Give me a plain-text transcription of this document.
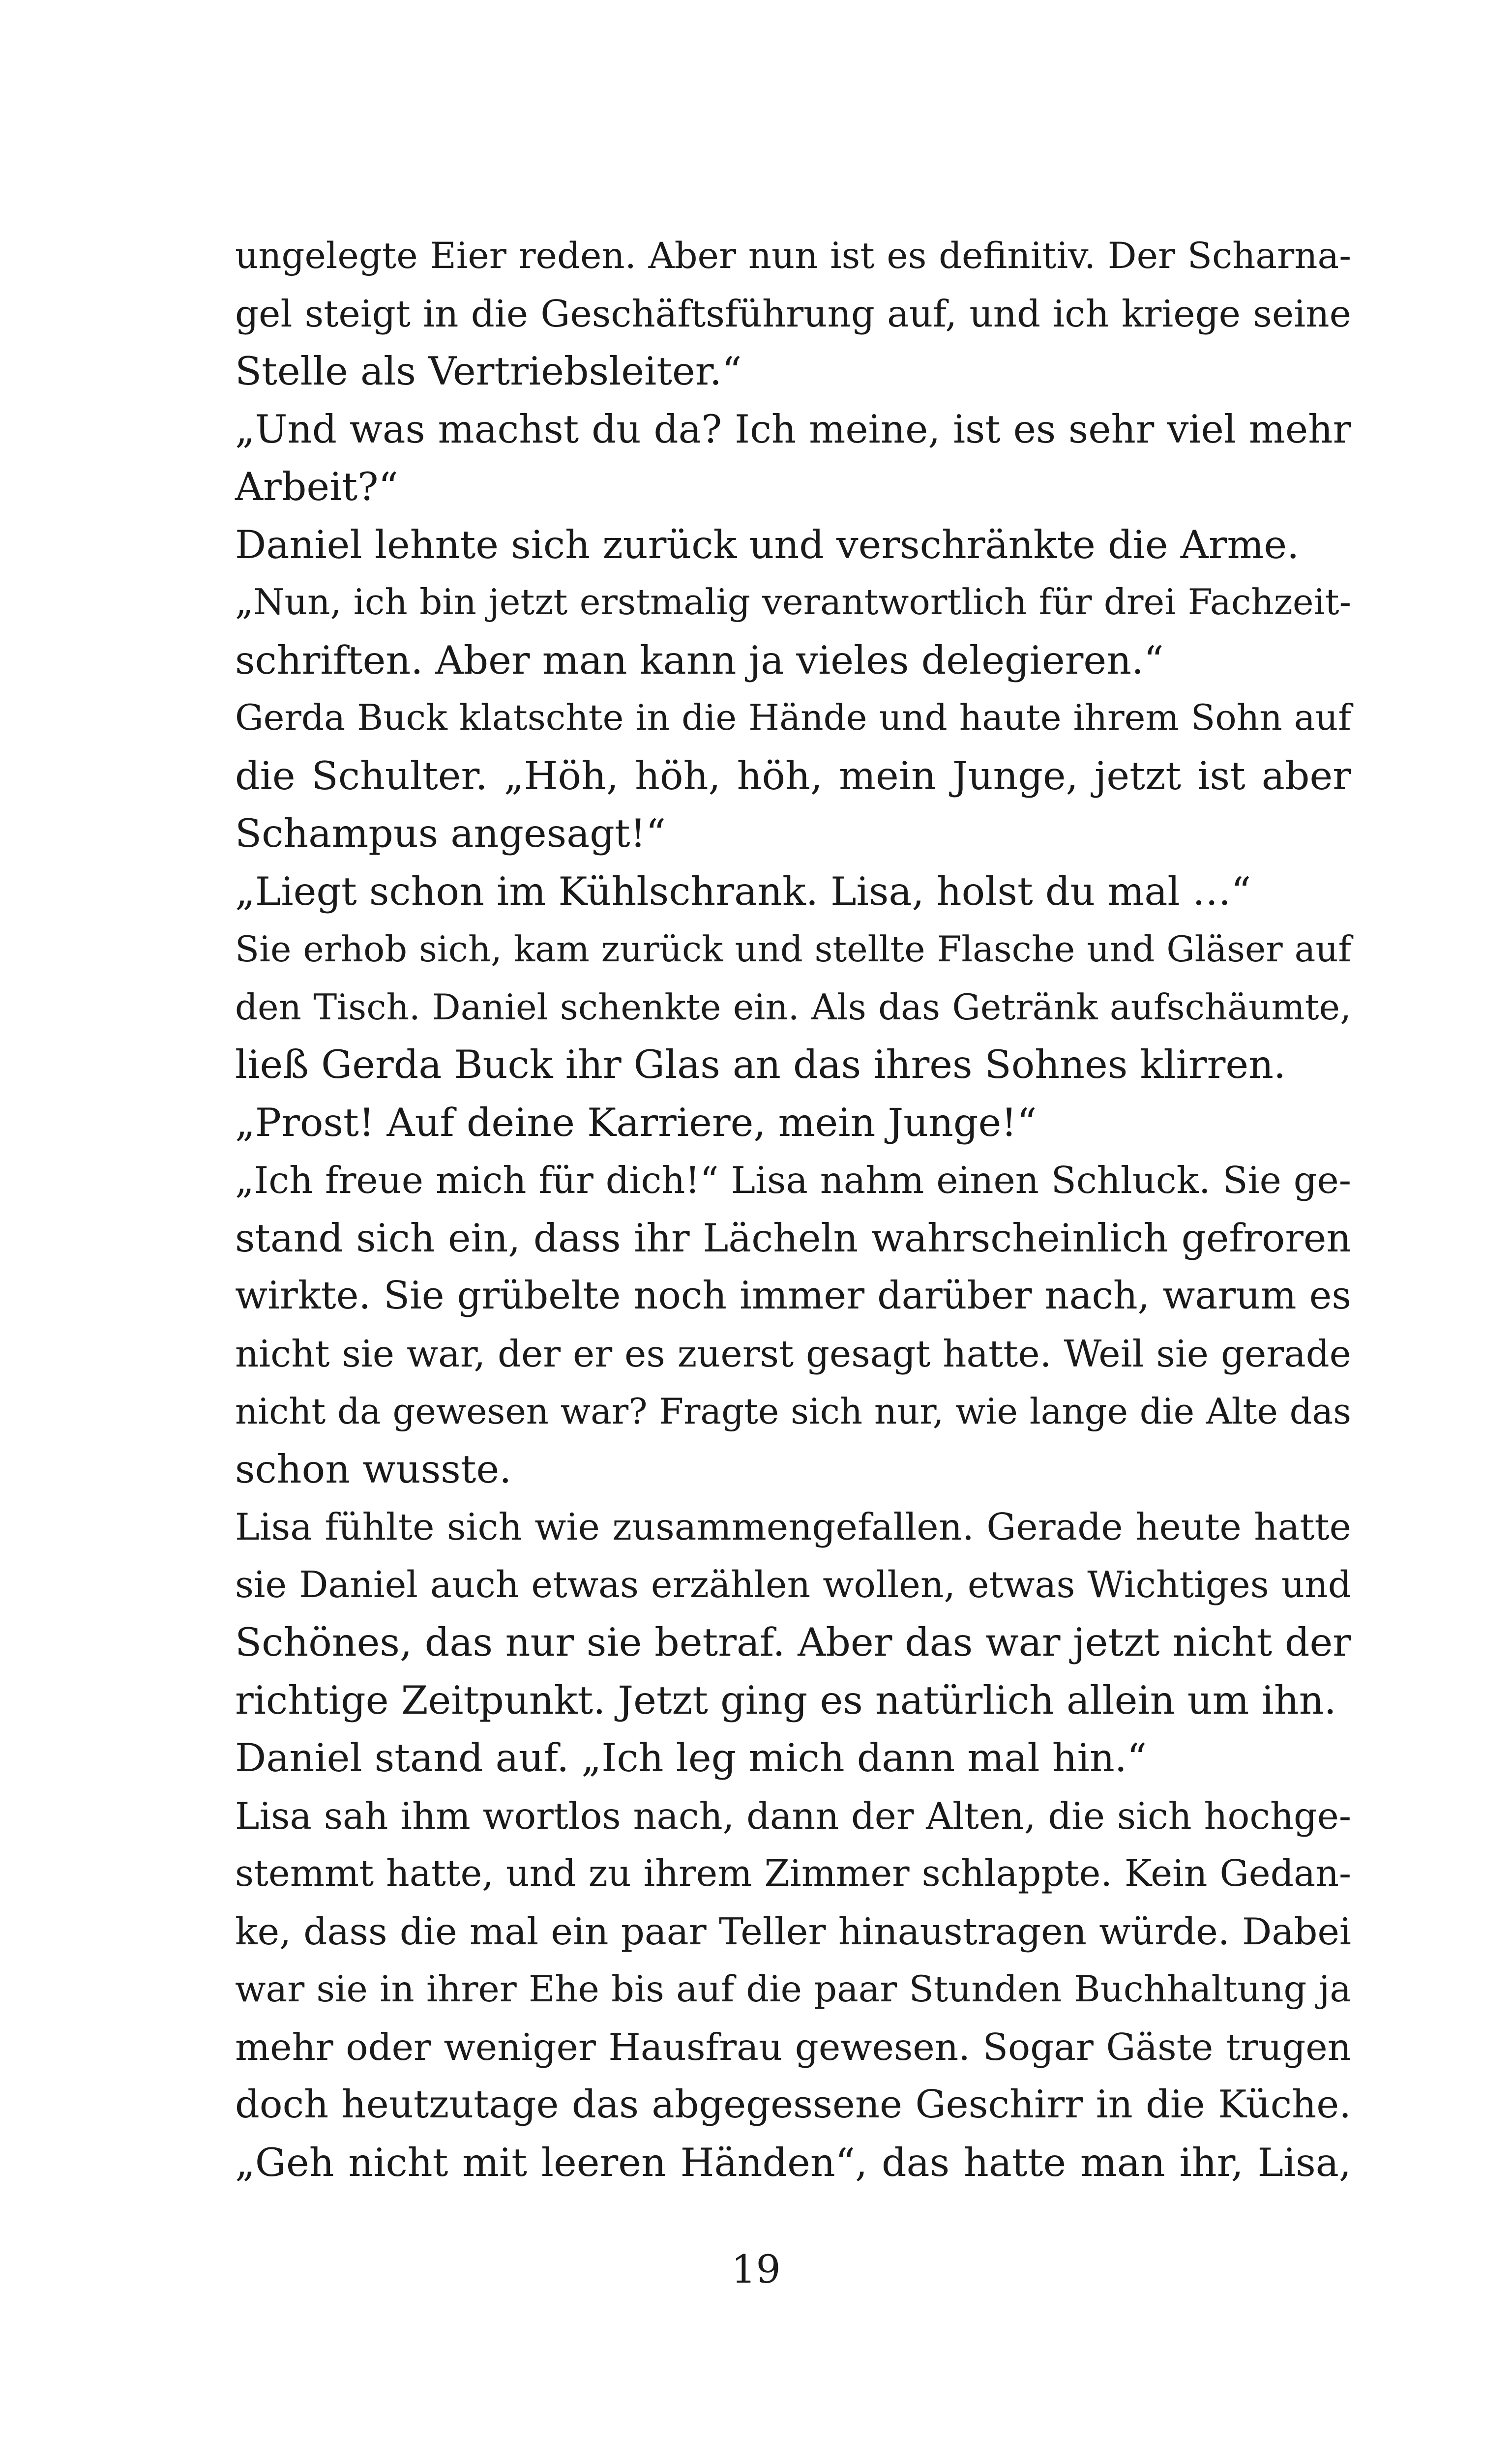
ungelegte Eier reden. Aber nun ist es definitiv. Der Scharna-
gel steigt in die Geschäftsführung auf, und ich kriege seine
Stelle als Vertriebsleiter.“
„Und was machst du da? Ich meine, ist es sehr viel mehr
Arbeit?“
Daniel lehnte sich zurück und verschränkte die Arme.
„Nun, ich bin jetzt erstmalig verantwortlich für drei Fachzeit-
schriften. Aber man kann ja vieles delegieren.“
Gerda Buck klatschte in die Hände und haute ihrem Sohn auf
die Schulter. „Höh, höh, höh, mein Junge, jetzt ist aber
Schampus angesagt!“
„Liegt schon im Kühlschrank. Lisa, holst du mal …“
Sie erhob sich, kam zurück und stellte Flasche und Gläser auf
den Tisch. Daniel schenkte ein. Als das Getränk aufschäumte,
ließ Gerda Buck ihr Glas an das ihres Sohnes klirren.
„Prost! Auf deine Karriere, mein Junge!“
„Ich freue mich für dich!“ Lisa nahm einen Schluck. Sie ge-
stand sich ein, dass ihr Lächeln wahrscheinlich gefroren
wirkte. Sie grübelte noch immer darüber nach, warum es
nicht sie war, der er es zuerst gesagt hatte. Weil sie gerade
nicht da gewesen war? Fragte sich nur, wie lange die Alte das
schon wusste.
Lisa fühlte sich wie zusammengefallen. Gerade heute hatte
sie Daniel auch etwas erzählen wollen, etwas Wichtiges und
Schönes, das nur sie betraf. Aber das war jetzt nicht der
richtige Zeitpunkt. Jetzt ging es natürlich allein um ihn.
Daniel stand auf. „Ich leg mich dann mal hin.“
Lisa sah ihm wortlos nach, dann der Alten, die sich hochge-
stemmt hatte, und zu ihrem Zimmer schlappte. Kein Gedan-
ke, dass die mal ein paar Teller hinaustragen würde. Dabei
war sie in ihrer Ehe bis auf die paar Stunden Buchhaltung ja
mehr oder weniger Hausfrau gewesen. Sogar Gäste trugen
doch heutzutage das abgegessene Geschirr in die Küche.
„Geh nicht mit leeren Händen“, das hatte man ihr, Lisa,
19
